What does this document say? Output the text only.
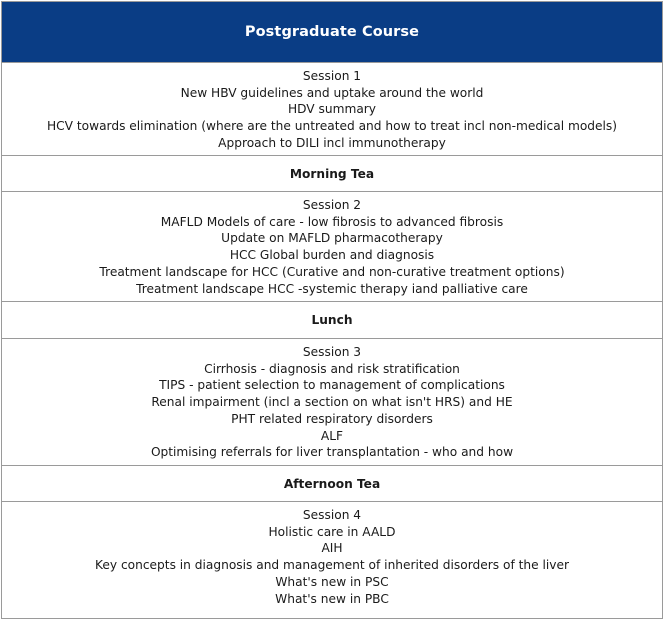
Postgraduate Course
Session 1
New HBV guidelines and uptake around the world
HDV summary
HCV towards elimination (where are the untreated and how to treat incl non-medical models)
Approach to DILI incl immunotherapy
Morning Tea
Session 2
MAFLD Models of care - low fibrosis to advanced fibrosis
Update on MAFLD pharmacotherapy
HCC Global burden and diagnosis
Treatment landscape for HCC (Curative and non-curative treatment options)
Treatment landscape HCC -systemic therapy iand palliative care
Lunch
Session 3
Cirrhosis - diagnosis and risk stratification
TIPS - patient selection to management of complications
Renal impairment (incl a section on what isn't HRS) and HE
PHT related respiratory disorders
ALF
Optimising referrals for liver transplantation - who and how
Afternoon Tea
Session 4
Holistic care in AALD
AIH
Key concepts in diagnosis and management of inherited disorders of the liver
What's new in PSC
What's new in PBC
